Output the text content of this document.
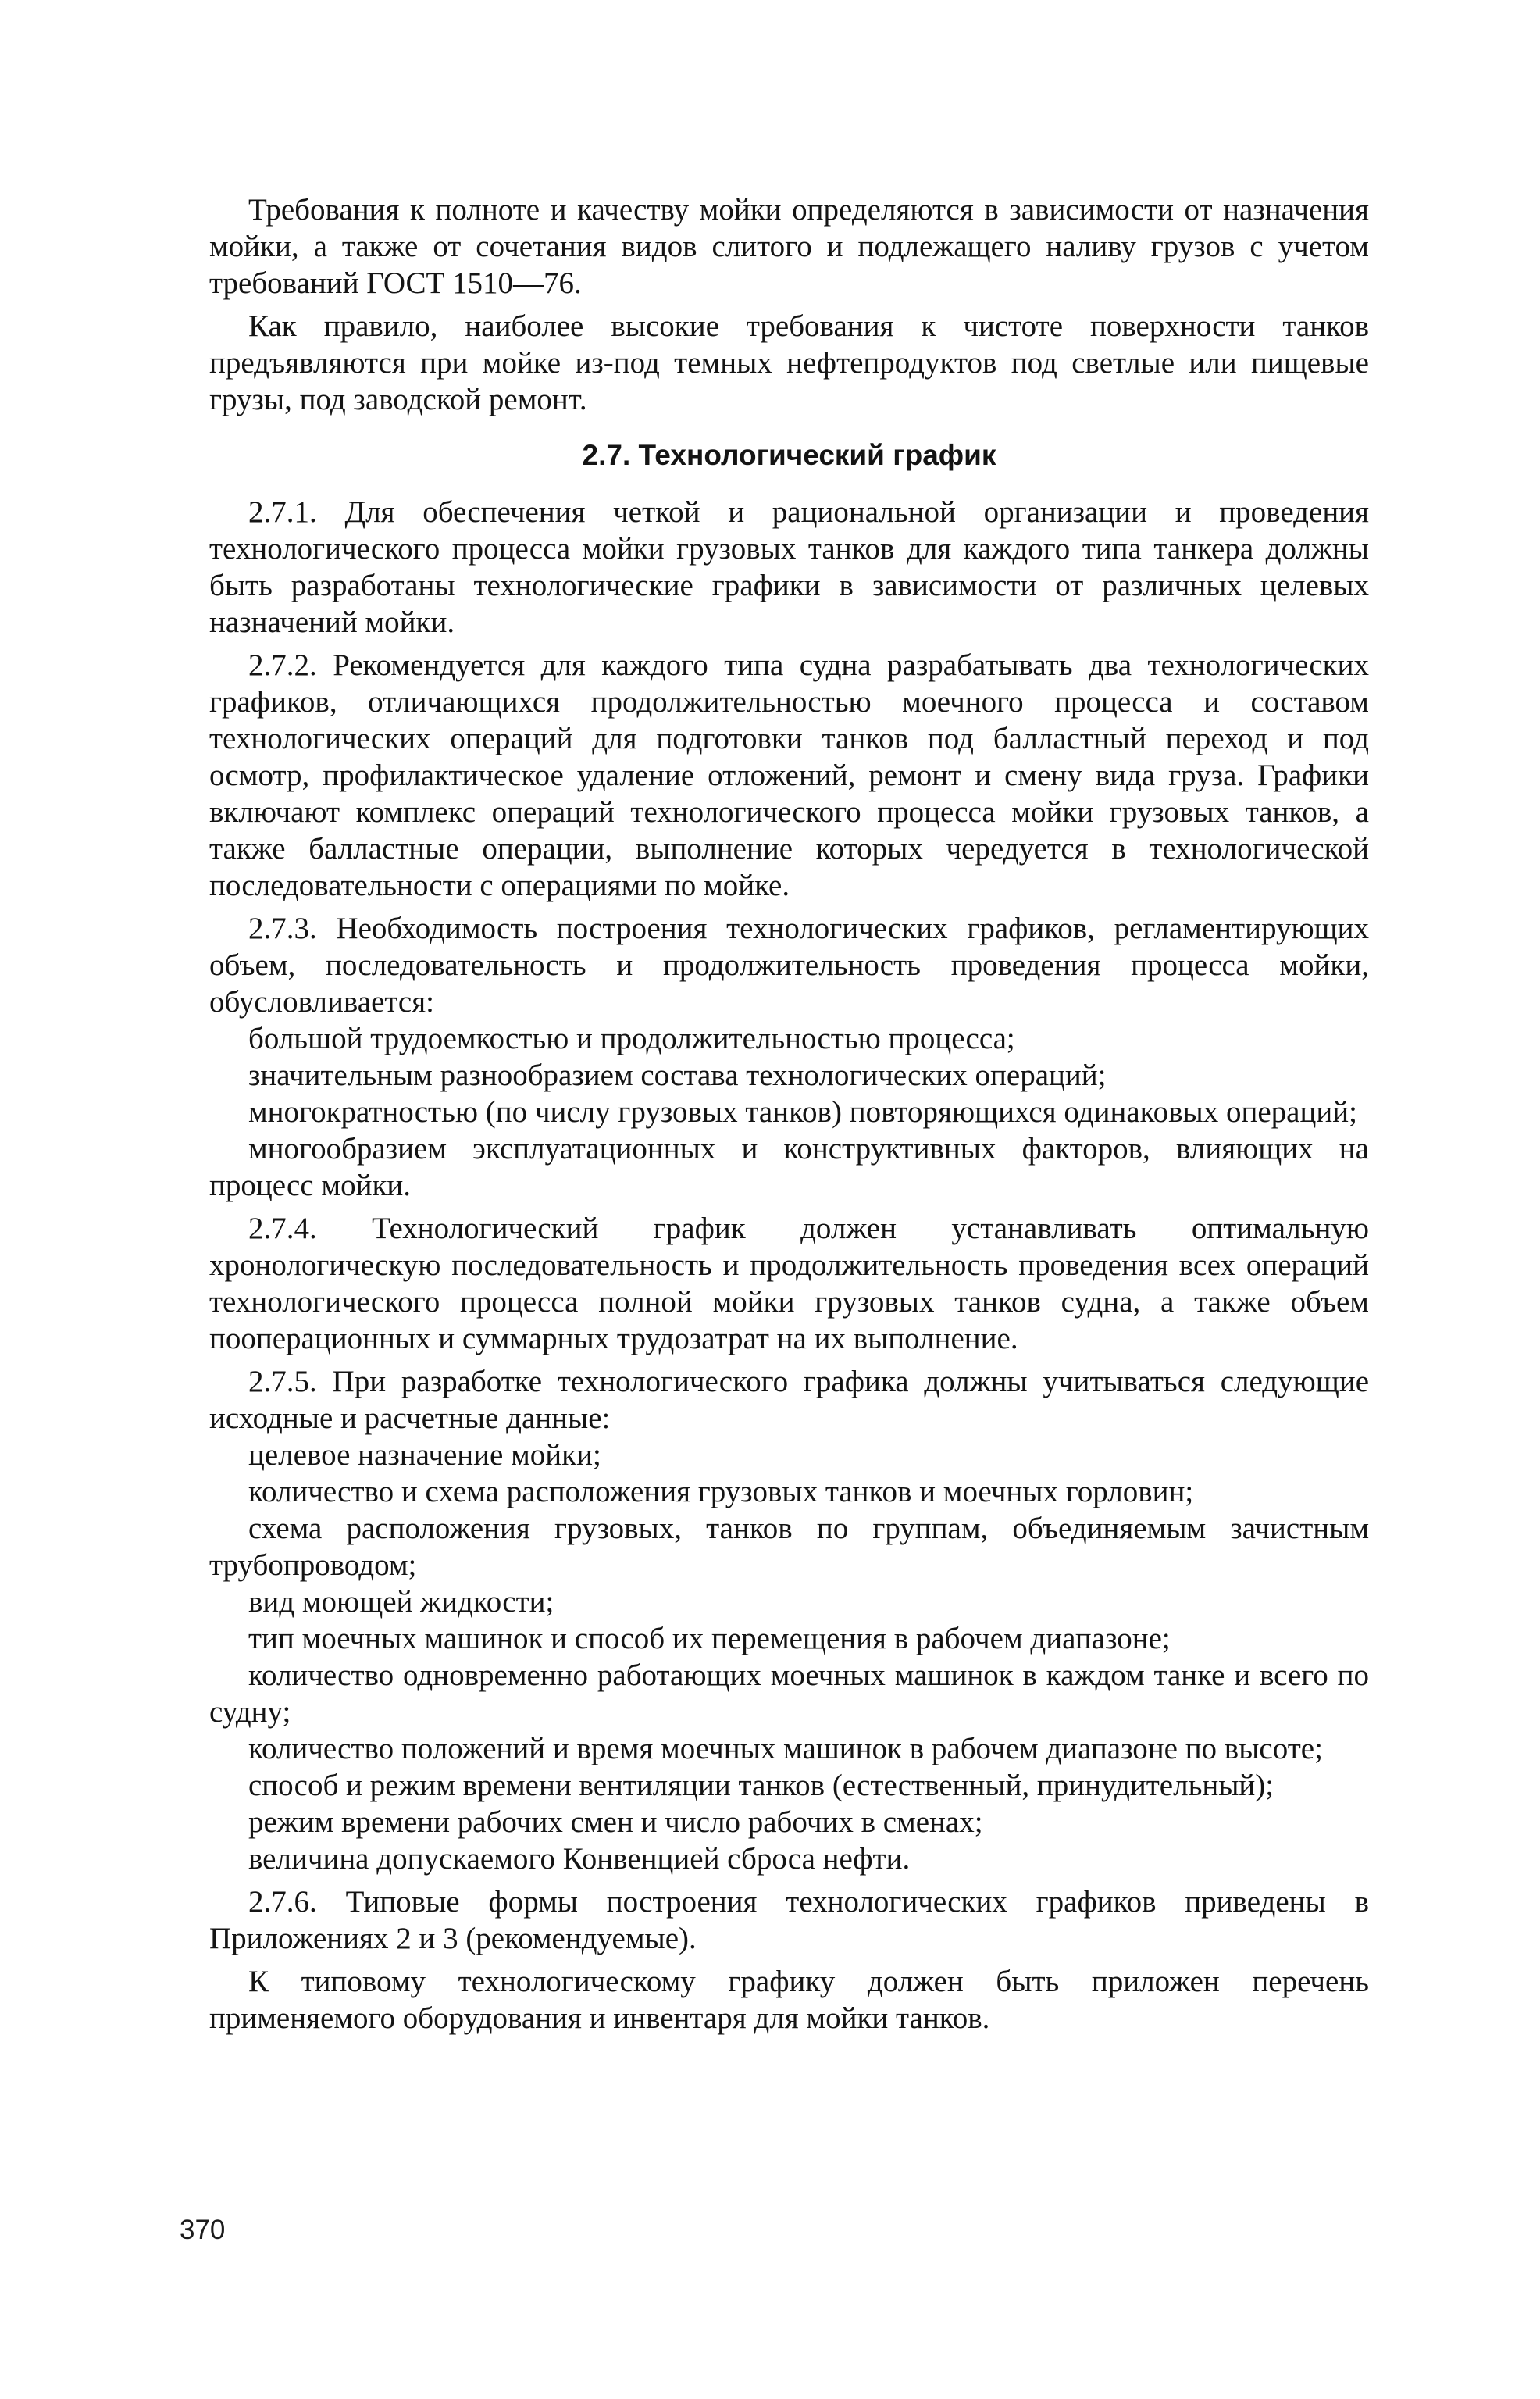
Требования к полноте и качеству мойки определяются в зависимости от назначения мойки, а также от сочетания видов слитого и подлежащего наливу грузов с учетом требований ГОСТ 1510—76.

Как правило, наиболее высокие требования к чистоте поверхности танков предъявляются при мойке из-под темных нефтепродуктов под светлые или пищевые грузы, под заводской ремонт.

2.7. Технологический график

2.7.1. Для обеспечения четкой и рациональной организации и проведения технологического процесса мойки грузовых танков для каждого типа танкера должны быть разработаны технологические графики в зависимости от различных целевых назначений мойки.

2.7.2. Рекомендуется для каждого типа судна разрабатывать два технологических графиков, отличающихся продолжительностью моечного процесса и составом технологических операций для подготовки танков под балластный переход и под осмотр, профилактическое удаление отложений, ремонт и смену вида груза. Графики включают комплекс операций технологического процесса мойки грузовых танков, а также балластные операции, выполнение которых чередуется в технологической последовательности с операциями по мойке.

2.7.3. Необходимость построения технологических графиков, регламентирующих объем, последовательность и продолжительность проведения процесса мойки, обусловливается:

большой трудоемкостью и продолжительностью процесса;

значительным разнообразием состава технологических операций;

многократностью (по числу грузовых танков) повторяющихся одинаковых операций;

многообразием эксплуатационных и конструктивных факторов, влияющих на процесс мойки.

2.7.4. Технологический график должен устанавливать оптимальную хронологическую последовательность и продолжительность проведения всех операций технологического процесса полной мойки грузовых танков судна, а также объем пооперационных и суммарных трудозатрат на их выполнение.

2.7.5. При разработке технологического графика должны учитываться следующие исходные и расчетные данные:

целевое назначение мойки;

количество и схема расположения грузовых танков и моечных горловин;

схема расположения грузовых, танков по группам, объединяемым зачистным трубопроводом;

вид моющей жидкости;

тип моечных машинок и способ их перемещения в рабочем диапазоне;

количество одновременно работающих моечных машинок в каждом танке и всего по судну;

количество положений и время моечных машинок в рабочем диапазоне по высоте;

способ и режим времени вентиляции танков (естественный, принудительный);

режим времени рабочих смен и число рабочих в сменах;

величина допускаемого Конвенцией сброса нефти.

2.7.6. Типовые формы построения технологических графиков приведены в Приложениях 2 и 3 (рекомендуемые).

К типовому технологическому графику должен быть приложен перечень применяемого оборудования и инвентаря для мойки танков.

370
